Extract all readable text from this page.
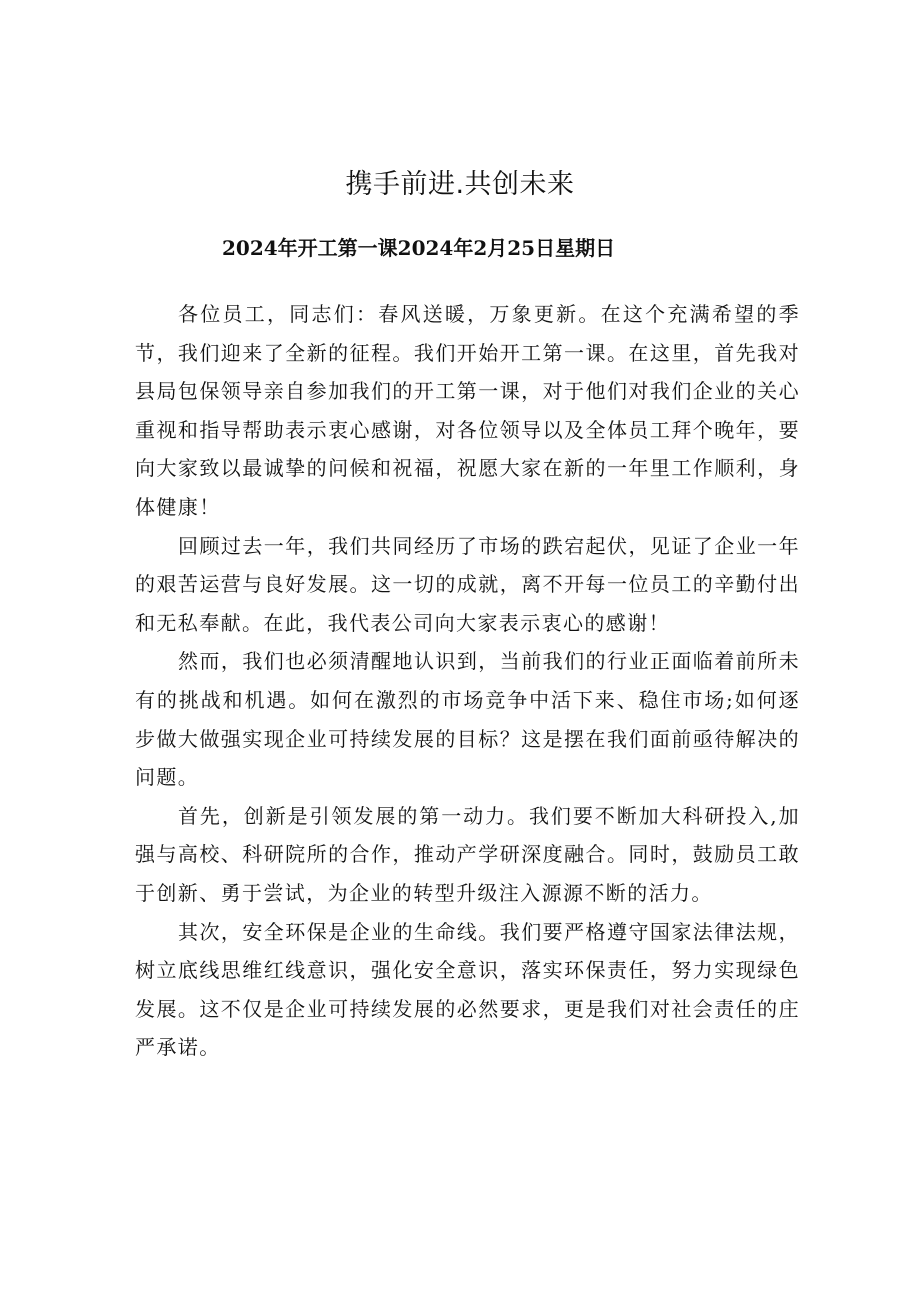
携手前进.共创未来
2024年开工第一课2024年2月25日星期日

各位员工，同志们：春风送暖，万象更新。在这个充满希望的季节，我们迎来了全新的征程。我们开始开工第一课。在这里，首先我对县局包保领导亲自参加我们的开工第一课，对于他们对我们企业的关心重视和指导帮助表示衷心感谢，对各位领导以及全体员工拜个晚年，要向大家致以最诚挚的问候和祝福，祝愿大家在新的一年里工作顺利，身体健康！

回顾过去一年，我们共同经历了市场的跌宕起伏，见证了企业一年的艰苦运营与良好发展。这一切的成就，离不开每一位员工的辛勤付出和无私奉献。在此，我代表公司向大家表示衷心的感谢！

然而，我们也必须清醒地认识到，当前我们的行业正面临着前所未有的挑战和机遇。如何在激烈的市场竞争中活下来、稳住市场;如何逐步做大做强实现企业可持续发展的目标？这是摆在我们面前亟待解决的问题。

首先，创新是引领发展的第一动力。我们要不断加大科研投入,加强与高校、科研院所的合作，推动产学研深度融合。同时，鼓励员工敢于创新、勇于尝试，为企业的转型升级注入源源不断的活力。

其次，安全环保是企业的生命线。我们要严格遵守国家法律法规，树立底线思维红线意识，强化安全意识，落实环保责任，努力实现绿色发展。这不仅是企业可持续发展的必然要求，更是我们对社会责任的庄严承诺。
